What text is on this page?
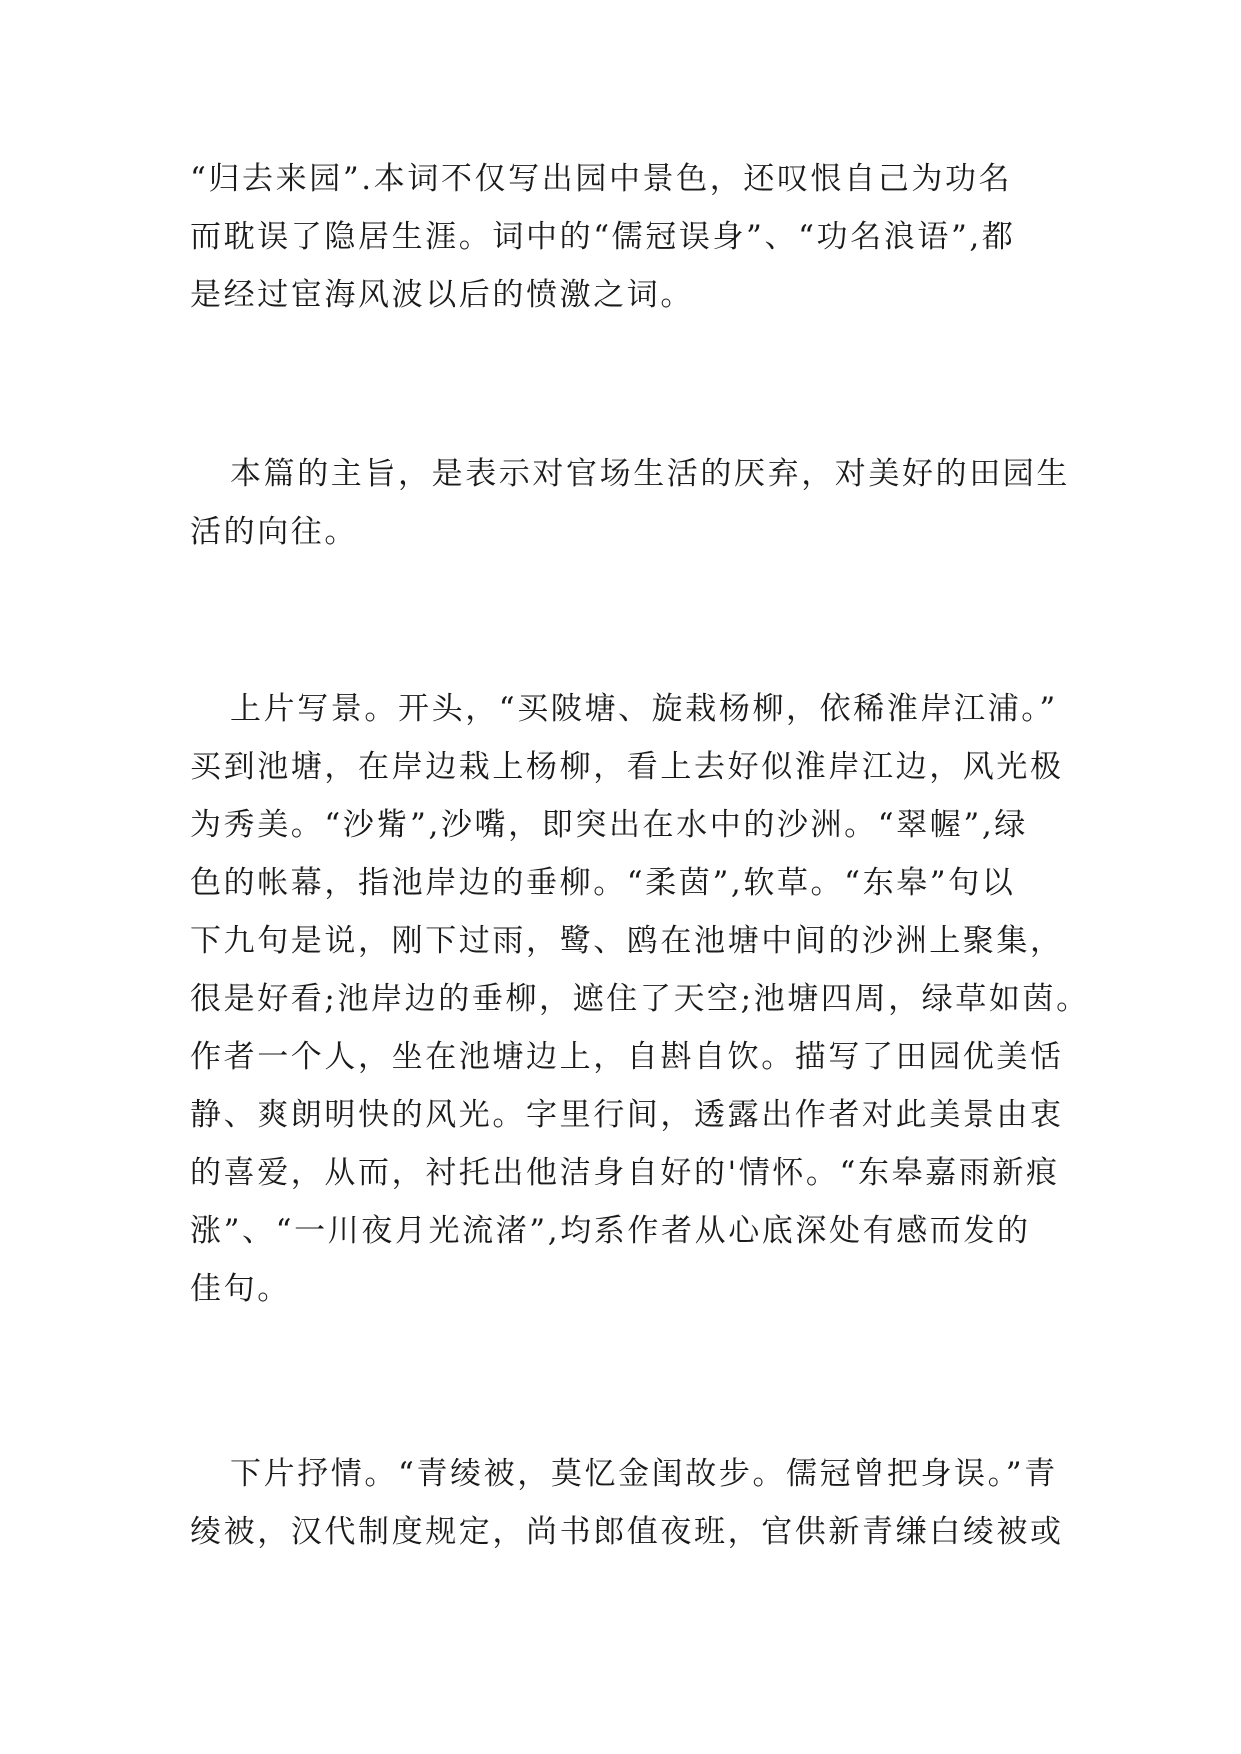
“归去来园”.本词不仅写出园中景色，还叹恨自己为功名
而耽误了隐居生涯。词中的“儒冠误身”、“功名浪语”,都
是经过宦海风波以后的愤激之词。

本篇的主旨，是表示对官场生活的厌弃，对美好的田园生
活的向往。

上片写景。开头，“买陂塘、旋栽杨柳，依稀淮岸江浦。”
买到池塘，在岸边栽上杨柳，看上去好似淮岸江边，风光极
为秀美。“沙觜”,沙嘴，即突出在水中的沙洲。“翠幄”,绿
色的帐幕，指池岸边的垂柳。“柔茵”,软草。“东皋”句以
下九句是说，刚下过雨，鹭、鸥在池塘中间的沙洲上聚集，
很是好看;池岸边的垂柳，遮住了天空;池塘四周，绿草如茵。
作者一个人，坐在池塘边上，自斟自饮。描写了田园优美恬
静、爽朗明快的风光。字里行间，透露出作者对此美景由衷
的喜爱，从而，衬托出他洁身自好的'情怀。“东皋嘉雨新痕
涨”、“一川夜月光流渚”,均系作者从心底深处有感而发的
佳句。

下片抒情。“青绫被，莫忆金闺故步。儒冠曾把身误。”青
绫被，汉代制度规定，尚书郎值夜班，官供新青缣白绫被或
